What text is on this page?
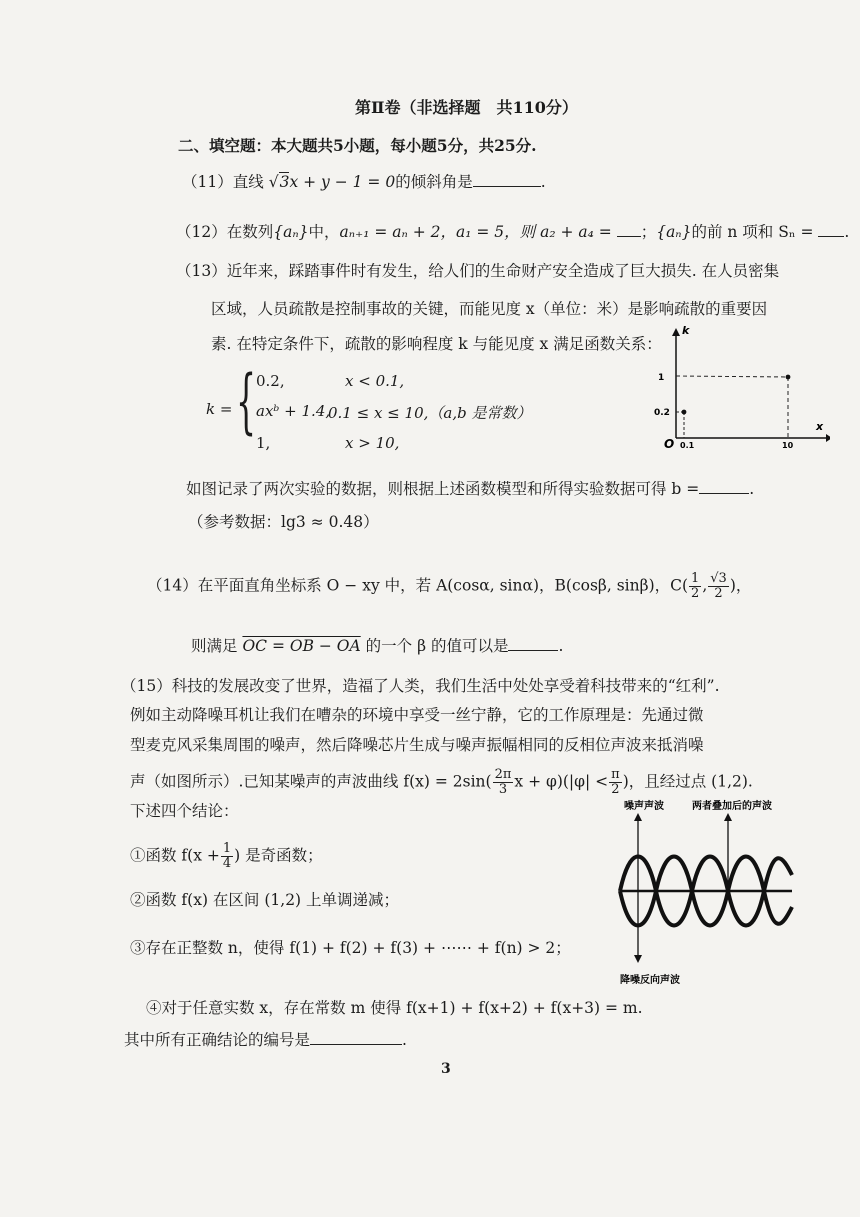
第Ⅱ卷（非选择题　共110分）
二、填空题：本大题共5小题，每小题5分，共25分.
（11）直线 √3x + y − 1 = 0的倾斜角是	.
（12）在数列{aₙ}中，aₙ₊₁ = aₙ + 2，a₁ = 5，则 a₂ + a₄ = ；{aₙ}的前 n 项和 Sₙ = .
（13）近年来，踩踏事件时有发生，给人们的生命财产安全造成了巨大损失. 在人员密集
区域，人员疏散是控制事故的关键，而能见度 x（单位：米）是影响疏散的重要因
素. 在特定条件下，疏散的影响程度 k 与能见度 x 满足函数关系：
k = { 0.2,	x < 0.1,
axᵇ + 1.4,
0.1 ≤ x ≤ 10,（a,b 是常数）
1,	x > 10,
k
x
O
1
0.2
0.1	10
如图记录了两次实验的数据，则根据上述函数模型和所得实验数据可得 b =	.
（参考数据：lg3 ≈ 0.48）
（14）在平面直角坐标系 O − xy 中，若 A(cosα, sinα)，B(cosβ, sinβ)，$C( \frac{1}{2}$ , $\frac{√3}{2}$ )，
则满足 OC = OB − OA 的一个 β 的值可以是	.
（15）科技的发展改变了世界，造福了人类，我们生活中处处享受着科技带来的“红利”.
例如主动降噪耳机让我们在嘈杂的环境中享受一丝宁静，它的工作原理是：先通过微
型麦克风采集周围的噪声，然后降噪芯片生成与噪声振幅相同的反相位声波来抵消噪
声（如图所示）.已知某噪声的声波曲线 $f(x) = 2\sin( \frac{2\pi}{3}$ $x + \varphi)(|\varphi| < \frac{\pi}{2}$ )，且经过点 (1,2).
下述四个结论：
①函数 $f(x + \frac{1}{4}$ ) 是奇函数；
②函数 f(x) 在区间 (1,2) 上单调递减；
③存在正整数 n，使得 f(1) + f(2) + f(3) + ⋯⋯ + f(n) > 2；
④对于任意实数 x，存在常数 m 使得 f(x+1) + f(x+2) + f(x+3) = m.
其中所有正确结论的编号是	.
噪声声波	两者叠加后的声波
降噪反向声波
3
